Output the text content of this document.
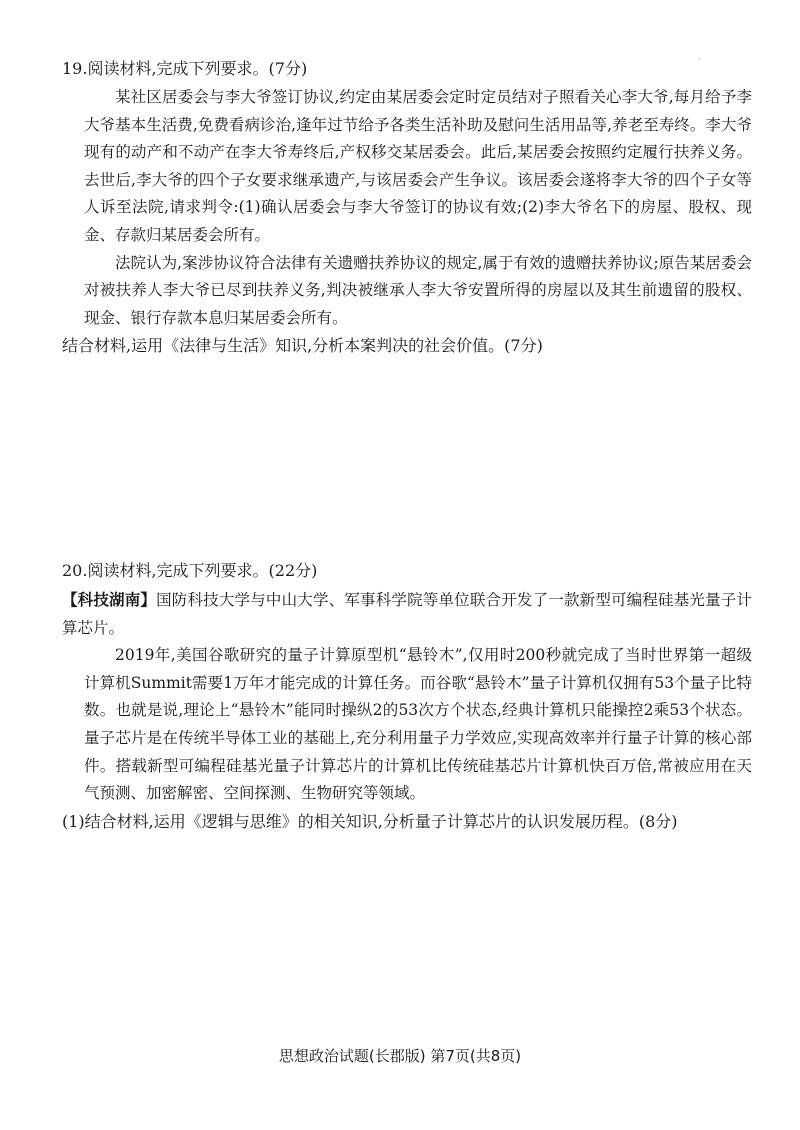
·

19.阅读材料,完成下列要求。(7分)

某社区居委会与李大爷签订协议,约定由某居委会定时定员结对子照看关心李大爷,每月给予李大爷基本生活费,免费看病诊治,逢年过节给予各类生活补助及慰问生活用品等,养老至寿终。李大爷现有的动产和不动产在李大爷寿终后,产权移交某居委会。此后,某居委会按照约定履行扶养义务。去世后,李大爷的四个子女要求继承遗产,与该居委会产生争议。该居委会遂将李大爷的四个子女等人诉至法院,请求判令:(1)确认居委会与李大爷签订的协议有效;(2)李大爷名下的房屋、股权、现金、存款归某居委会所有。

法院认为,案涉协议符合法律有关遗赠扶养协议的规定,属于有效的遗赠扶养协议;原告某居委会对被扶养人李大爷已尽到扶养义务,判决被继承人李大爷安置所得的房屋以及其生前遗留的股权、现金、银行存款本息归某居委会所有。

结合材料,运用《法律与生活》知识,分析本案判决的社会价值。(7分)

20.阅读材料,完成下列要求。(22分)

【科技湖南】国防科技大学与中山大学、军事科学院等单位联合开发了一款新型可编程硅基光量子计算芯片。

2019年,美国谷歌研究的量子计算原型机“悬铃木”,仅用时200秒就完成了当时世界第一超级计算机Summit需要1万年才能完成的计算任务。而谷歌“悬铃木”量子计算机仅拥有53个量子比特数。也就是说,理论上“悬铃木”能同时操纵2的53次方个状态,经典计算机只能操控2乘53个状态。量子芯片是在传统半导体工业的基础上,充分利用量子力学效应,实现高效率并行量子计算的核心部件。搭载新型可编程硅基光量子计算芯片的计算机比传统硅基芯片计算机快百万倍,常被应用在天气预测、加密解密、空间探测、生物研究等领域。

(1)结合材料,运用《逻辑与思维》的相关知识,分析量子计算芯片的认识发展历程。(8分)

思想政治试题(长郡版) 第7页(共8页)
